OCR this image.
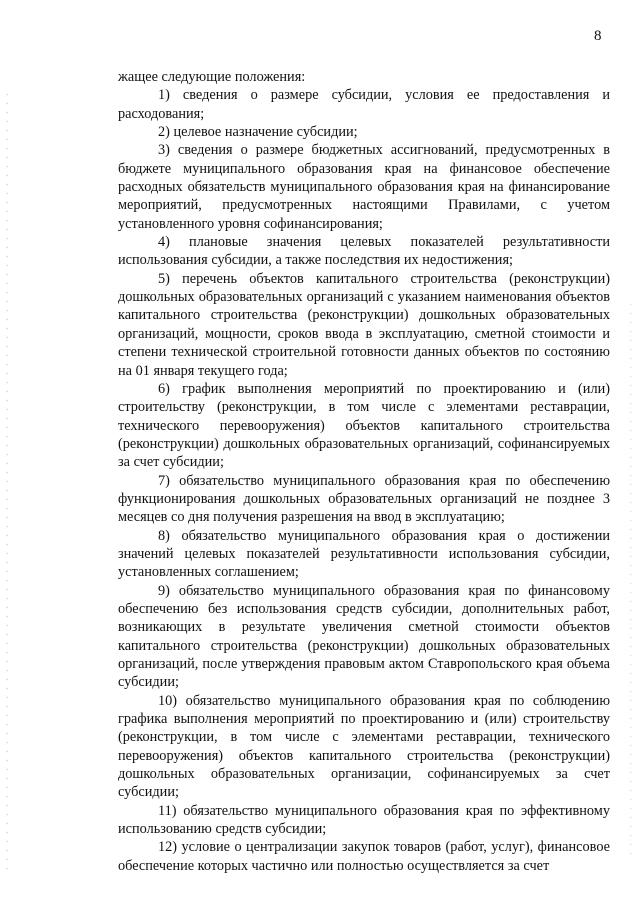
8

жащее следующие положения:

1) сведения о размере субсидии, условия ее предоставления и расходования;

2) целевое назначение субсидии;

3) сведения о размере бюджетных ассигнований, предусмотренных в бюджете муниципального образования края на финансовое обеспечение расходных обязательств муниципального образования края на финансирование мероприятий, предусмотренных настоящими Правилами, с учетом установленного уровня софинансирования;

4) плановые значения целевых показателей результативности использования субсидии, а также последствия их недостижения;

5) перечень объектов капитального строительства (реконструкции) дошкольных образовательных организаций с указанием наименования объектов капитального строительства (реконструкции) дошкольных образовательных организаций, мощности, сроков ввода в эксплуатацию, сметной стоимости и степени технической строительной готовности данных объектов по состоянию на 01 января текущего года;

6) график выполнения мероприятий по проектированию и (или) строительству (реконструкции, в том числе с элементами реставрации, технического перевооружения) объектов капитального строительства (реконструкции) дошкольных образовательных организаций, софинансируемых за счет субсидии;

7) обязательство муниципального образования края по обеспечению функционирования дошкольных образовательных организаций не позднее 3 месяцев со дня получения разрешения на ввод в эксплуатацию;

8) обязательство муниципального образования края о достижении значений целевых показателей результативности использования субсидии, установленных соглашением;

9) обязательство муниципального образования края по финансовому обеспечению без использования средств субсидии, дополнительных работ, возникающих в результате увеличения сметной стоимости объектов капитального строительства (реконструкции) дошкольных образовательных организаций, после утверждения правовым актом Ставропольского края объема субсидии;

10) обязательство муниципального образования края по соблюдению графика выполнения мероприятий по проектированию и (или) строительству (реконструкции, в том числе с элементами реставрации, технического перевооружения) объектов капитального строительства (реконструкции) дошкольных образовательных организации, софинансируемых за счет субсидии;

11) обязательство муниципального образования края по эффективному использованию средств субсидии;

12) условие о централизации закупок товаров (работ, услуг), финансовое обеспечение которых частично или полностью осуществляется за счет
